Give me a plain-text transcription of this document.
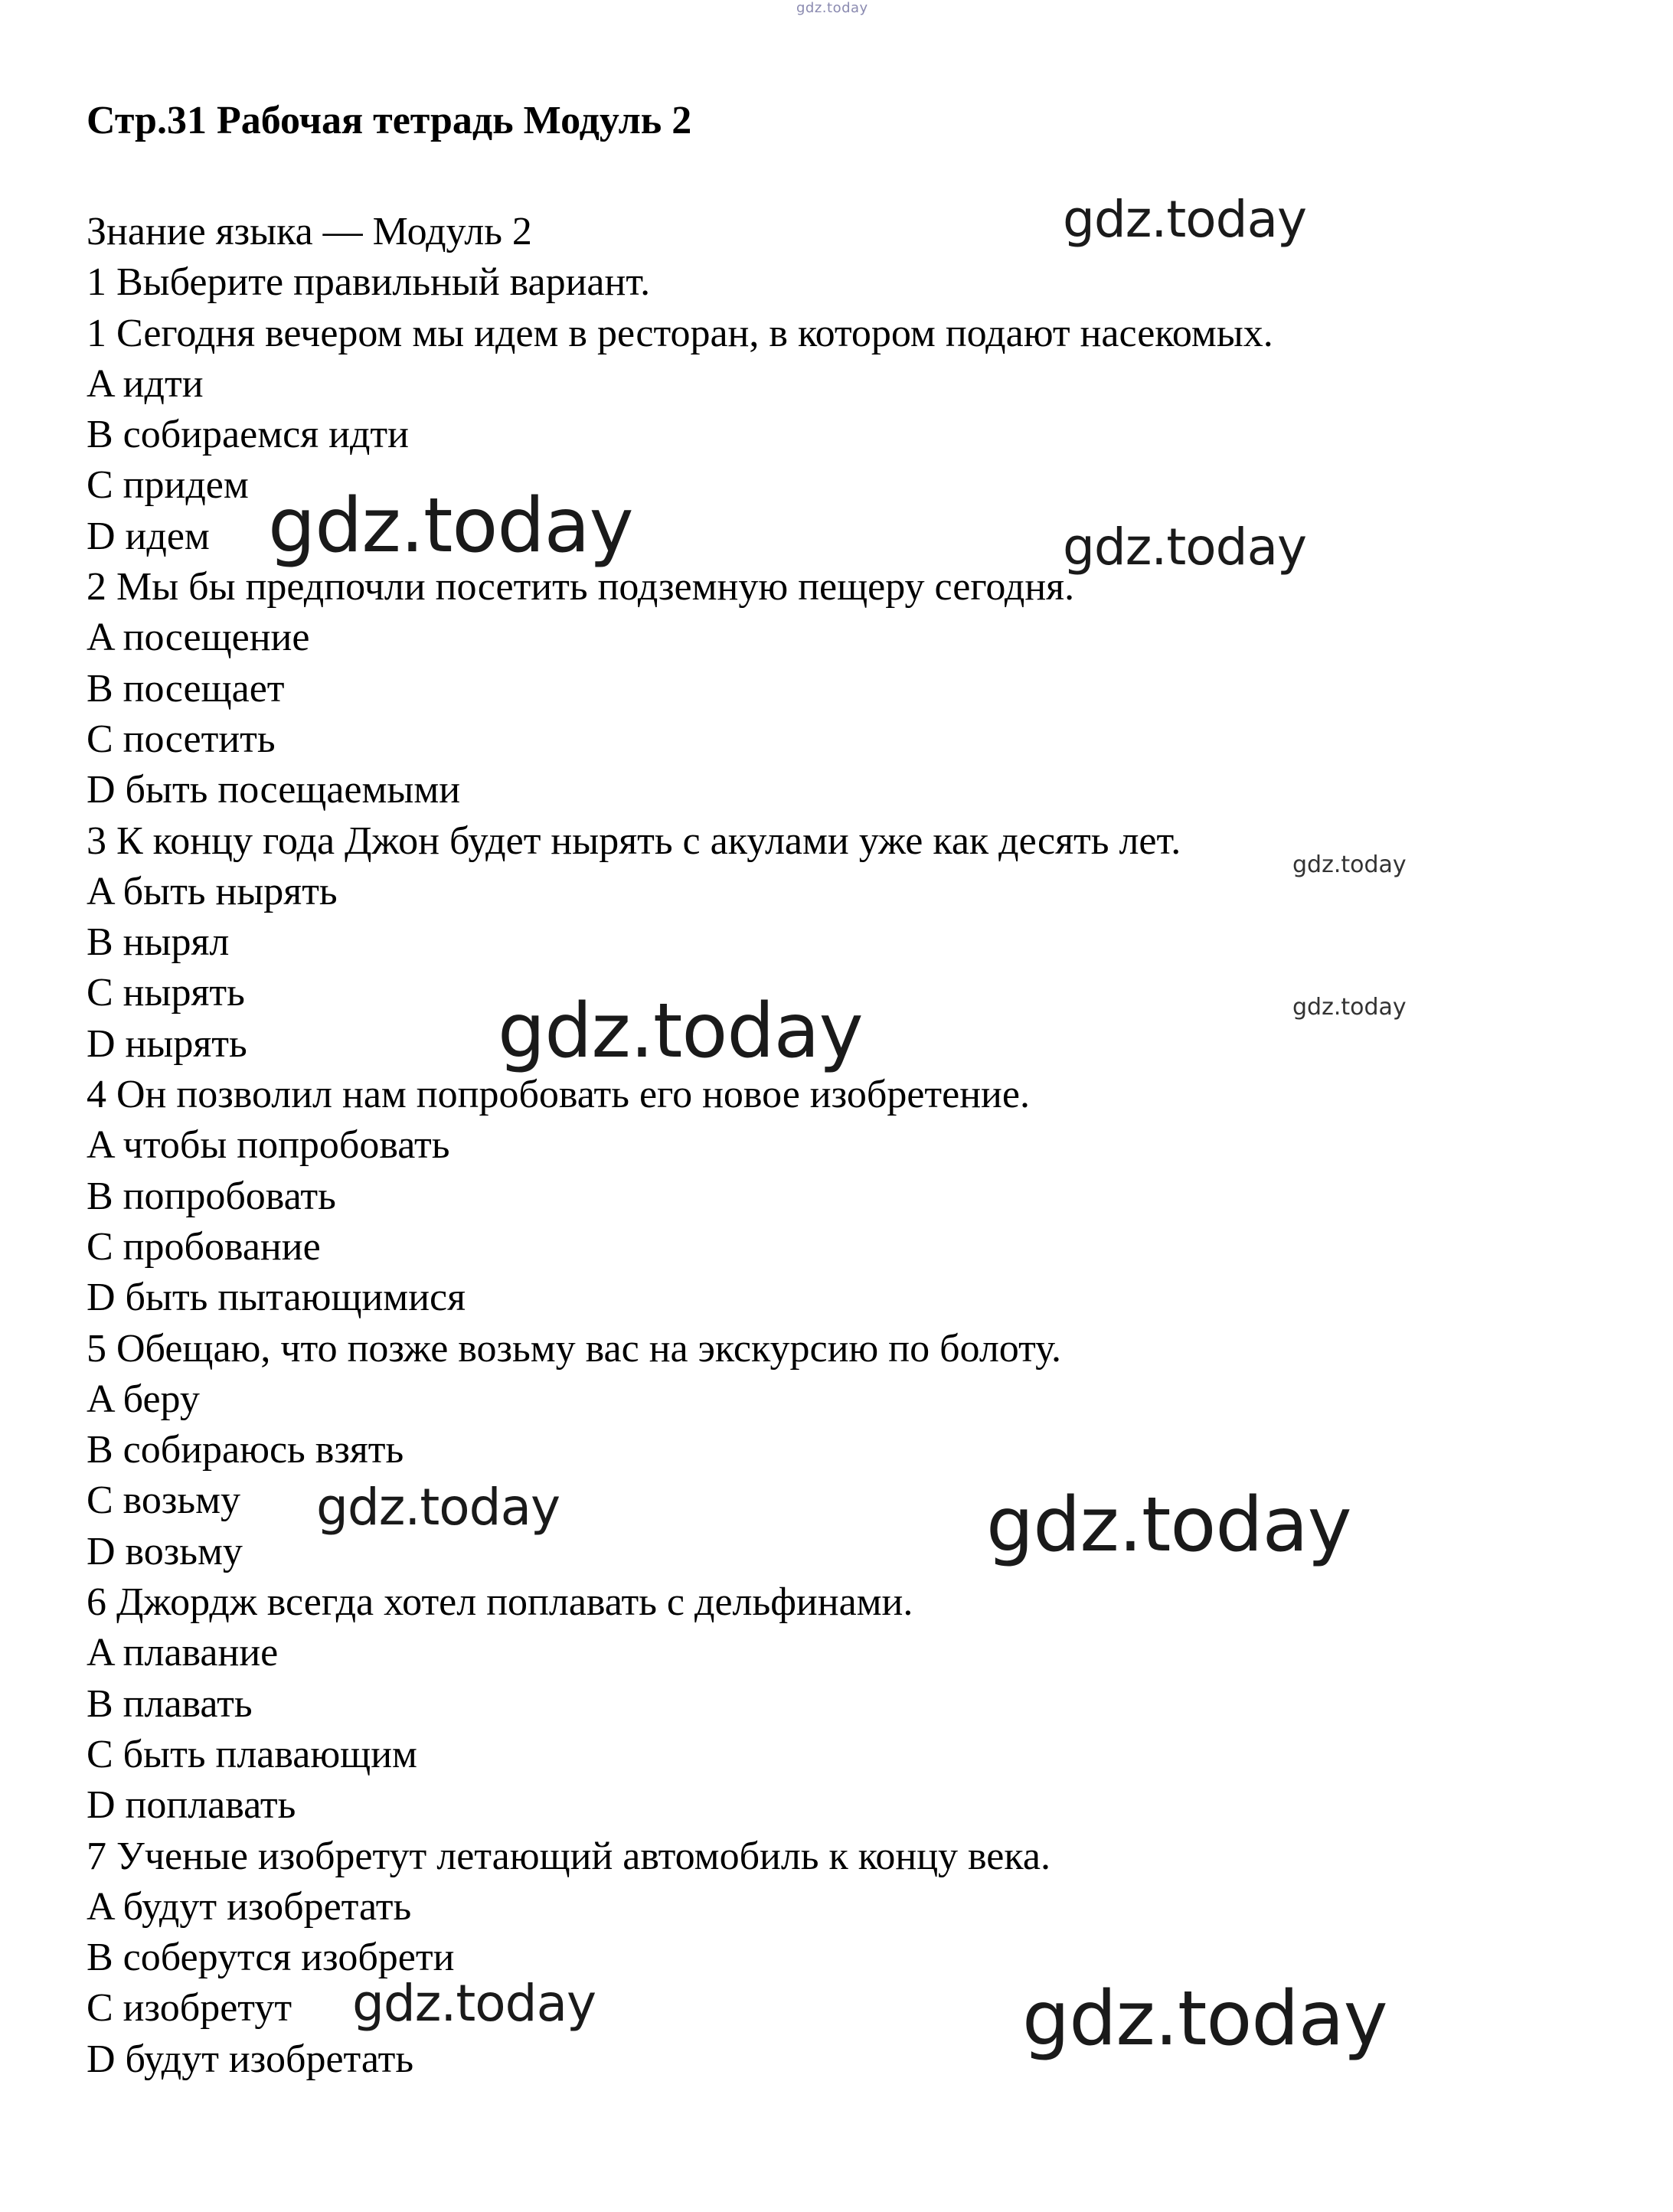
gdz.today
Стр.31 Рабочая тетрадь Модуль 2
Знание языка — Модуль 2
1 Выберите правильный вариант.
1 Сегодня вечером мы идем в ресторан, в котором подают насекомых.
A идти
B собираемся идти
C придем
D идем
2 Мы бы предпочли посетить подземную пещеру сегодня.
A посещение
B посещает
C посетить
D быть посещаемыми
3 К концу года Джон будет нырять с акулами уже как десять лет.
A быть нырять
B нырял
C нырять
D нырять
4 Он позволил нам попробовать его новое изобретение.
A чтобы попробовать
B попробовать
C пробование
D быть пытающимися
5 Обещаю, что позже возьму вас на экскурсию по болоту.
A беру
B собираюсь взять
C возьму
D возьму
6 Джордж всегда хотел поплавать с дельфинами.
A плавание
B плавать
C быть плавающим
D поплавать
7 Ученые изобретут летающий автомобиль к концу века.
A будут изобретать
B соберутся изобрети
C изобретут
D будут изобретать
gdz.today
gdz.today	gdz.today
gdz.today
gdz.today
gdz.today
gdz.today	gdz.today
gdz.today	gdz.today
